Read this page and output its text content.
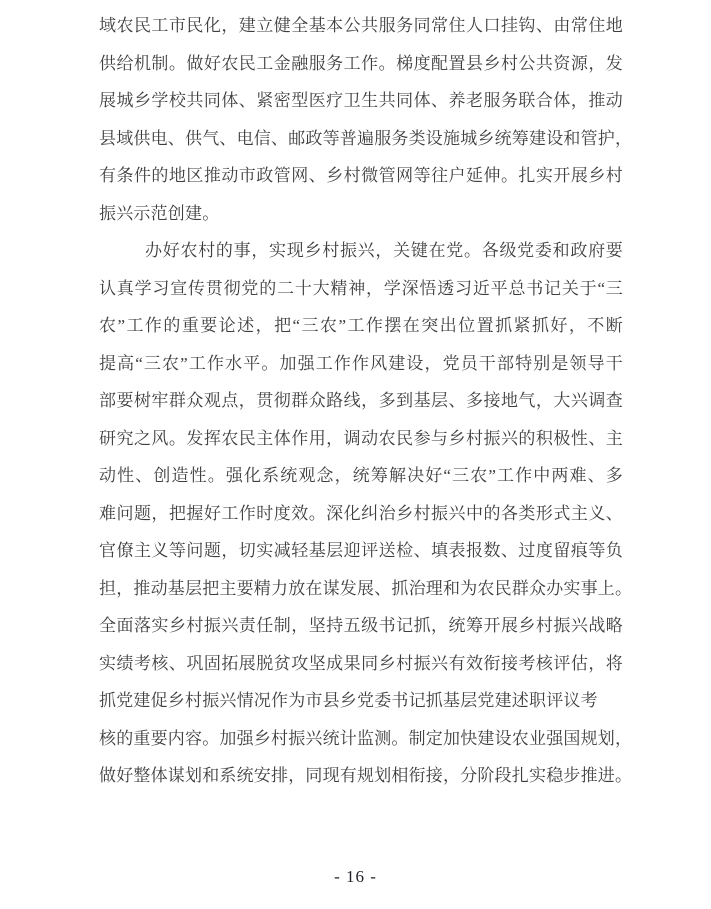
域农民工市民化，建立健全基本公共服务同常住人口挂钩、由常住地
供给机制。做好农民工金融服务工作。梯度配置县乡村公共资源，发
展城乡学校共同体、紧密型医疗卫生共同体、养老服务联合体，推动
县域供电、供气、电信、邮政等普遍服务类设施城乡统筹建设和管护，
有条件的地区推动市政管网、乡村微管网等往户延伸。扎实开展乡村
振兴示范创建。
办好农村的事，实现乡村振兴，关键在党。各级党委和政府要
认真学习宣传贯彻党的二十大精神，学深悟透习近平总书记关于“三
农”工作的重要论述，把“三农”工作摆在突出位置抓紧抓好，不断
提高“三农”工作水平。加强工作作风建设，党员干部特别是领导干
部要树牢群众观点，贯彻群众路线，多到基层、多接地气，大兴调查
研究之风。发挥农民主体作用，调动农民参与乡村振兴的积极性、主
动性、创造性。强化系统观念，统筹解决好“三农”工作中两难、多
难问题，把握好工作时度效。深化纠治乡村振兴中的各类形式主义、
官僚主义等问题，切实减轻基层迎评送检、填表报数、过度留痕等负
担，推动基层把主要精力放在谋发展、抓治理和为农民群众办实事上。
全面落实乡村振兴责任制，坚持五级书记抓，统筹开展乡村振兴战略
实绩考核、巩固拓展脱贫攻坚成果同乡村振兴有效衔接考核评估，将
抓党建促乡村振兴情况作为市县乡党委书记抓基层党建述职评议考
核的重要内容。加强乡村振兴统计监测。制定加快建设农业强国规划，
做好整体谋划和系统安排，同现有规划相衔接，分阶段扎实稳步推进。
- 16 -
